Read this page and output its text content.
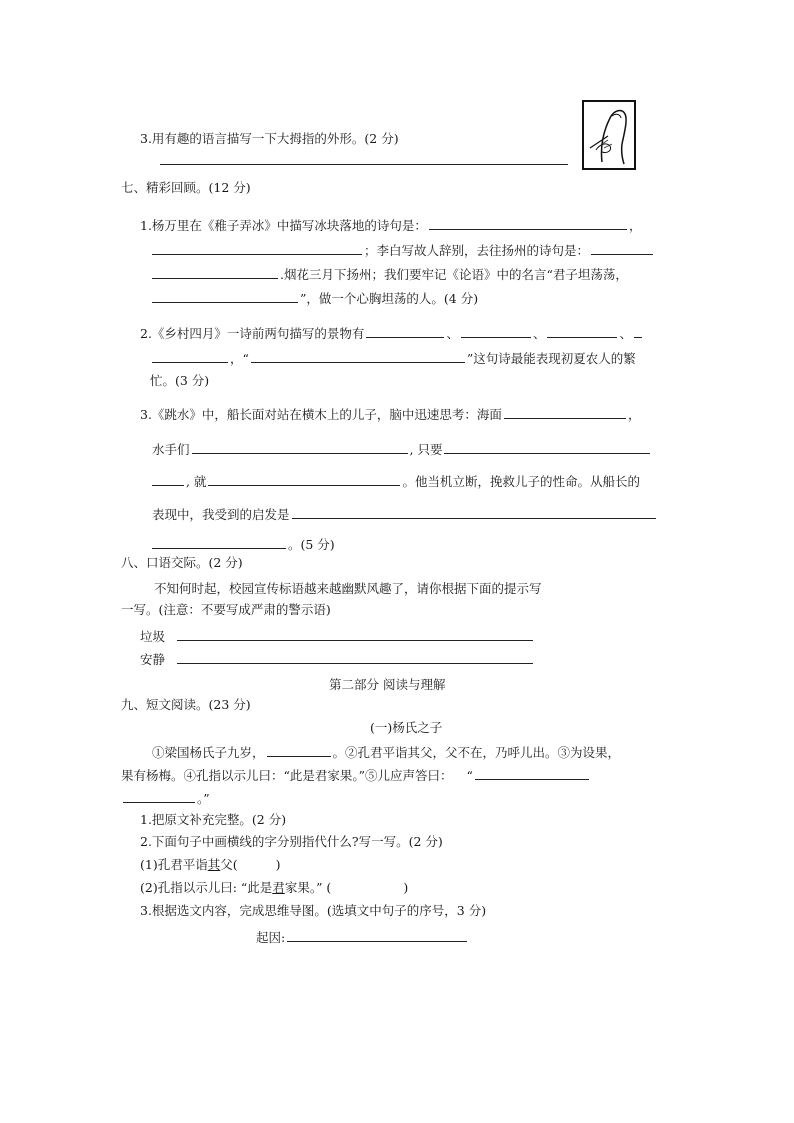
3.用有趣的语言描写一下大拇指的外形。(2 分)
七、精彩回顾。(12 分)
1.杨万里在《稚子弄冰》中描写冰块落地的诗句是：	，
；李白写故人辞别，去往扬州的诗句是：
.烟花三月下扬州；我们要牢记《论语》中的名言“君子坦荡荡，
”，做一个心胸坦荡的人。(4 分)
2.《乡村四月》一诗前两句描写的景物有	、	、	、
，“	”这句诗最能表现初夏农人的繁
忙。(3 分)
3.《跳水》中，船长面对站在横木上的儿子，脑中迅速思考：海面	，
水手们	, 只要
, 就	。他当机立断，挽救儿子的性命。从船长的
表现中，我受到的启发是
。(5 分)
八、口语交际。(2 分)
不知何时起，校园宣传标语越来越幽默风趣了，请你根据下面的提示写
一写。(注意：不要写成严肃的警示语)
垃圾
安静
第二部分 阅读与理解
九、短文阅读。(23 分)
(一)杨氏之子
①梁国杨氏子九岁，	。②孔君平诣其父，父不在，乃呼儿出。③为设果，
果有杨梅。④孔指以示儿曰：“此是君家果。”⑤儿应声答曰： “
。”
1.把原文补充完整。(2 分)
2.下面句子中画横线的字分别指代什么?写一写。(2 分)
(1)孔君平诣其父(	)
(2)孔指以示儿曰: “此是君家果。” (	)
3.根据选文内容，完成思维导图。(选填文中句子的序号，3 分)
起因:
